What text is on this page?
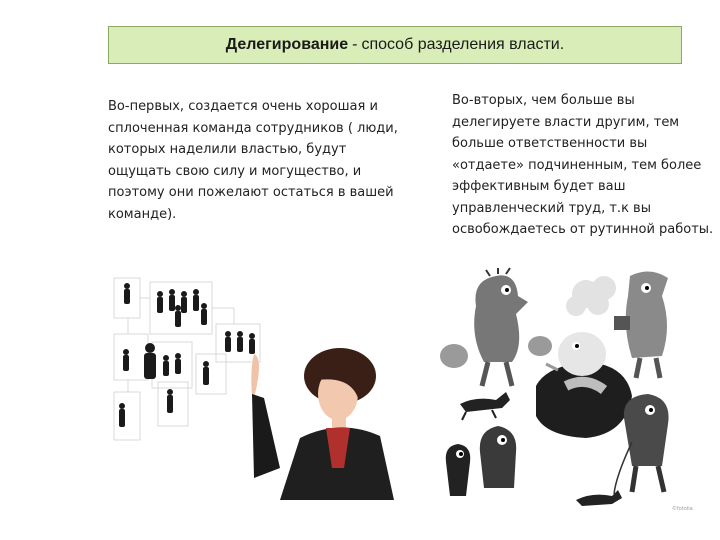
Делегирование - способ разделения власти.
Во-первых, создается очень хорошая и сплоченная команда сотрудников ( люди, которых наделили властью, будут ощущать свою силу и могущество, и поэтому они пожелают остаться в вашей команде).
Во-вторых, чем больше вы делегируете власти другим, тем больше ответственности вы «отдаете» подчиненным, тем более эффективным будет ваш управленческий труд, т.к вы освобождаетесь от рутинной работы.
©fotolia
